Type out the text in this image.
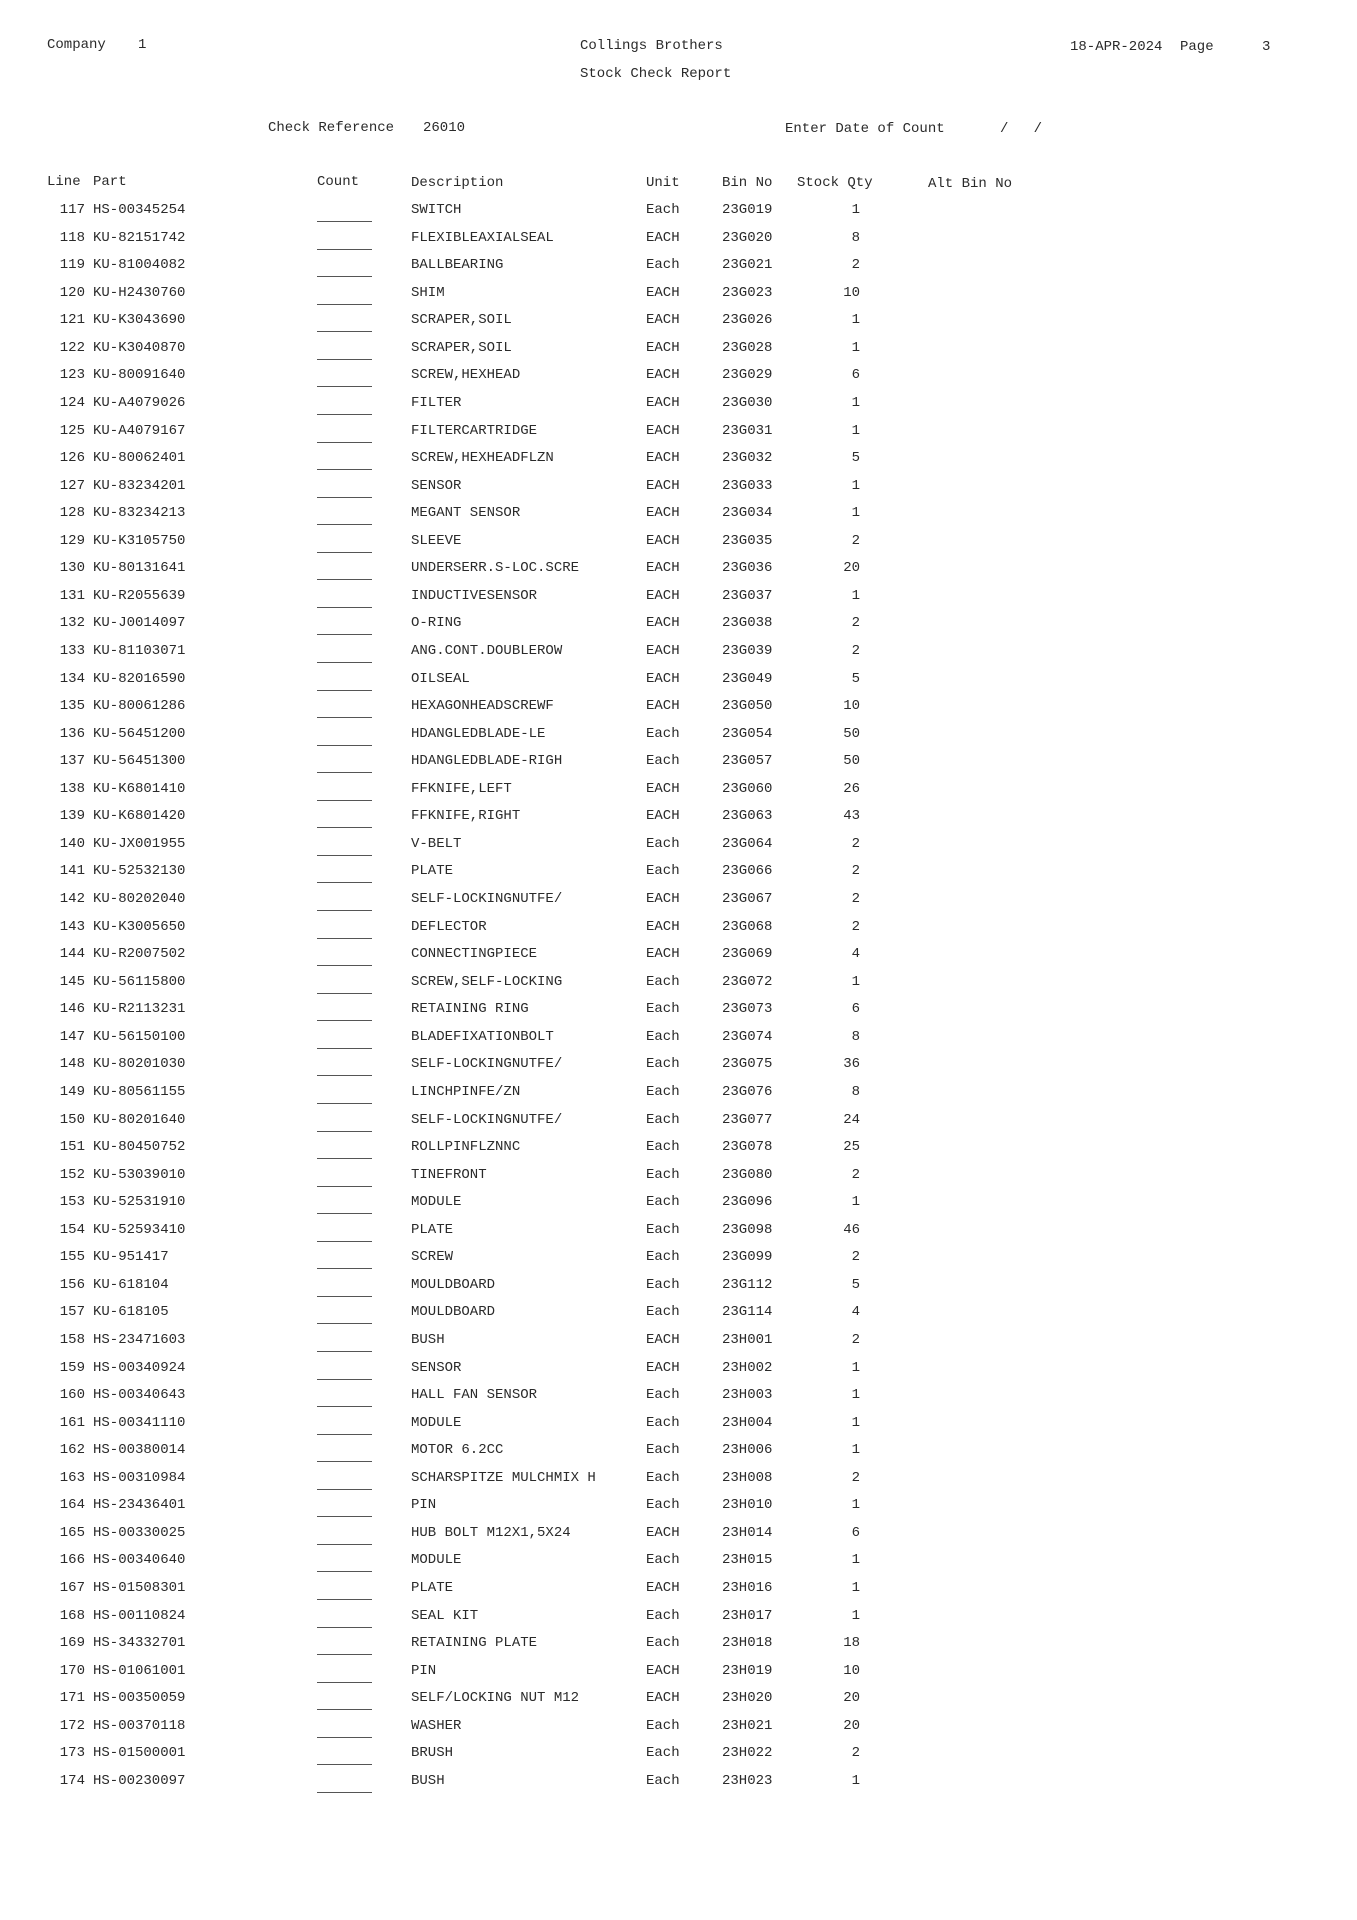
Company 1	Collings Brothers	18-APR-2024 Page	3
Stock Check Report
Check Reference 26010	Enter Date of Count	/   /
Line Part	Count	Description	Unit	Bin No Stock Qty	Alt Bin No
117 HS-00345254	SWITCH	Each	23G019	1
118 KU-82151742	FLEXIBLEAXIALSEAL	EACH	23G020	8
119 KU-81004082	BALLBEARING	Each	23G021	2
120 KU-H2430760	SHIM	EACH	23G023	10
121 KU-K3043690	SCRAPER,SOIL	EACH	23G026	1
122 KU-K3040870	SCRAPER,SOIL	EACH	23G028	1
123 KU-80091640	SCREW,HEXHEAD	EACH	23G029	6
124 KU-A4079026	FILTER	EACH	23G030	1
125 KU-A4079167	FILTERCARTRIDGE	EACH	23G031	1
126 KU-80062401	SCREW,HEXHEADFLZN	EACH	23G032	5
127 KU-83234201	SENSOR	EACH	23G033	1
128 KU-83234213	MEGANT SENSOR	EACH	23G034	1
129 KU-K3105750	SLEEVE	EACH	23G035	2
130 KU-80131641	UNDERSERR.S-LOC.SCRE	EACH	23G036	20
131 KU-R2055639	INDUCTIVESENSOR	EACH	23G037	1
132 KU-J0014097	O-RING	EACH	23G038	2
133 KU-81103071	ANG.CONT.DOUBLEROW	EACH	23G039	2
134 KU-82016590	OILSEAL	EACH	23G049	5
135 KU-80061286	HEXAGONHEADSCREWF	EACH	23G050	10
136 KU-56451200	HDANGLEDBLADE-LE	Each	23G054	50
137 KU-56451300	HDANGLEDBLADE-RIGH	Each	23G057	50
138 KU-K6801410	FFKNIFE,LEFT	EACH	23G060	26
139 KU-K6801420	FFKNIFE,RIGHT	EACH	23G063	43
140 KU-JX001955	V-BELT	Each	23G064	2
141 KU-52532130	PLATE	Each	23G066	2
142 KU-80202040	SELF-LOCKINGNUTFE/	EACH	23G067	2
143 KU-K3005650	DEFLECTOR	EACH	23G068	2
144 KU-R2007502	CONNECTINGPIECE	EACH	23G069	4
145 KU-56115800	SCREW,SELF-LOCKING	Each	23G072	1
146 KU-R2113231	RETAINING RING	Each	23G073	6
147 KU-56150100	BLADEFIXATIONBOLT	Each	23G074	8
148 KU-80201030	SELF-LOCKINGNUTFE/	Each	23G075	36
149 KU-80561155	LINCHPINFE/ZN	Each	23G076	8
150 KU-80201640	SELF-LOCKINGNUTFE/	Each	23G077	24
151 KU-80450752	ROLLPINFLZNNC	Each	23G078	25
152 KU-53039010	TINEFRONT	Each	23G080	2
153 KU-52531910	MODULE	Each	23G096	1
154 KU-52593410	PLATE	Each	23G098	46
155 KU-951417	SCREW	Each	23G099	2
156 KU-618104	MOULDBOARD	Each	23G112	5
157 KU-618105	MOULDBOARD	Each	23G114	4
158 HS-23471603	BUSH	EACH	23H001	2
159 HS-00340924	SENSOR	EACH	23H002	1
160 HS-00340643	HALL FAN SENSOR	Each	23H003	1
161 HS-00341110	MODULE	Each	23H004	1
162 HS-00380014	MOTOR 6.2CC	Each	23H006	1
163 HS-00310984	SCHARSPITZE MULCHMIX H	Each	23H008	2
164 HS-23436401	PIN	Each	23H010	1
165 HS-00330025	HUB BOLT M12X1,5X24	EACH	23H014	6
166 HS-00340640	MODULE	Each	23H015	1
167 HS-01508301	PLATE	EACH	23H016	1
168 HS-00110824	SEAL KIT	Each	23H017	1
169 HS-34332701	RETAINING PLATE	Each	23H018	18
170 HS-01061001	PIN	EACH	23H019	10
171 HS-00350059	SELF/LOCKING NUT M12	EACH	23H020	20
172 HS-00370118	WASHER	Each	23H021	20
173 HS-01500001	BRUSH	Each	23H022	2
174 HS-00230097	BUSH	Each	23H023	1
